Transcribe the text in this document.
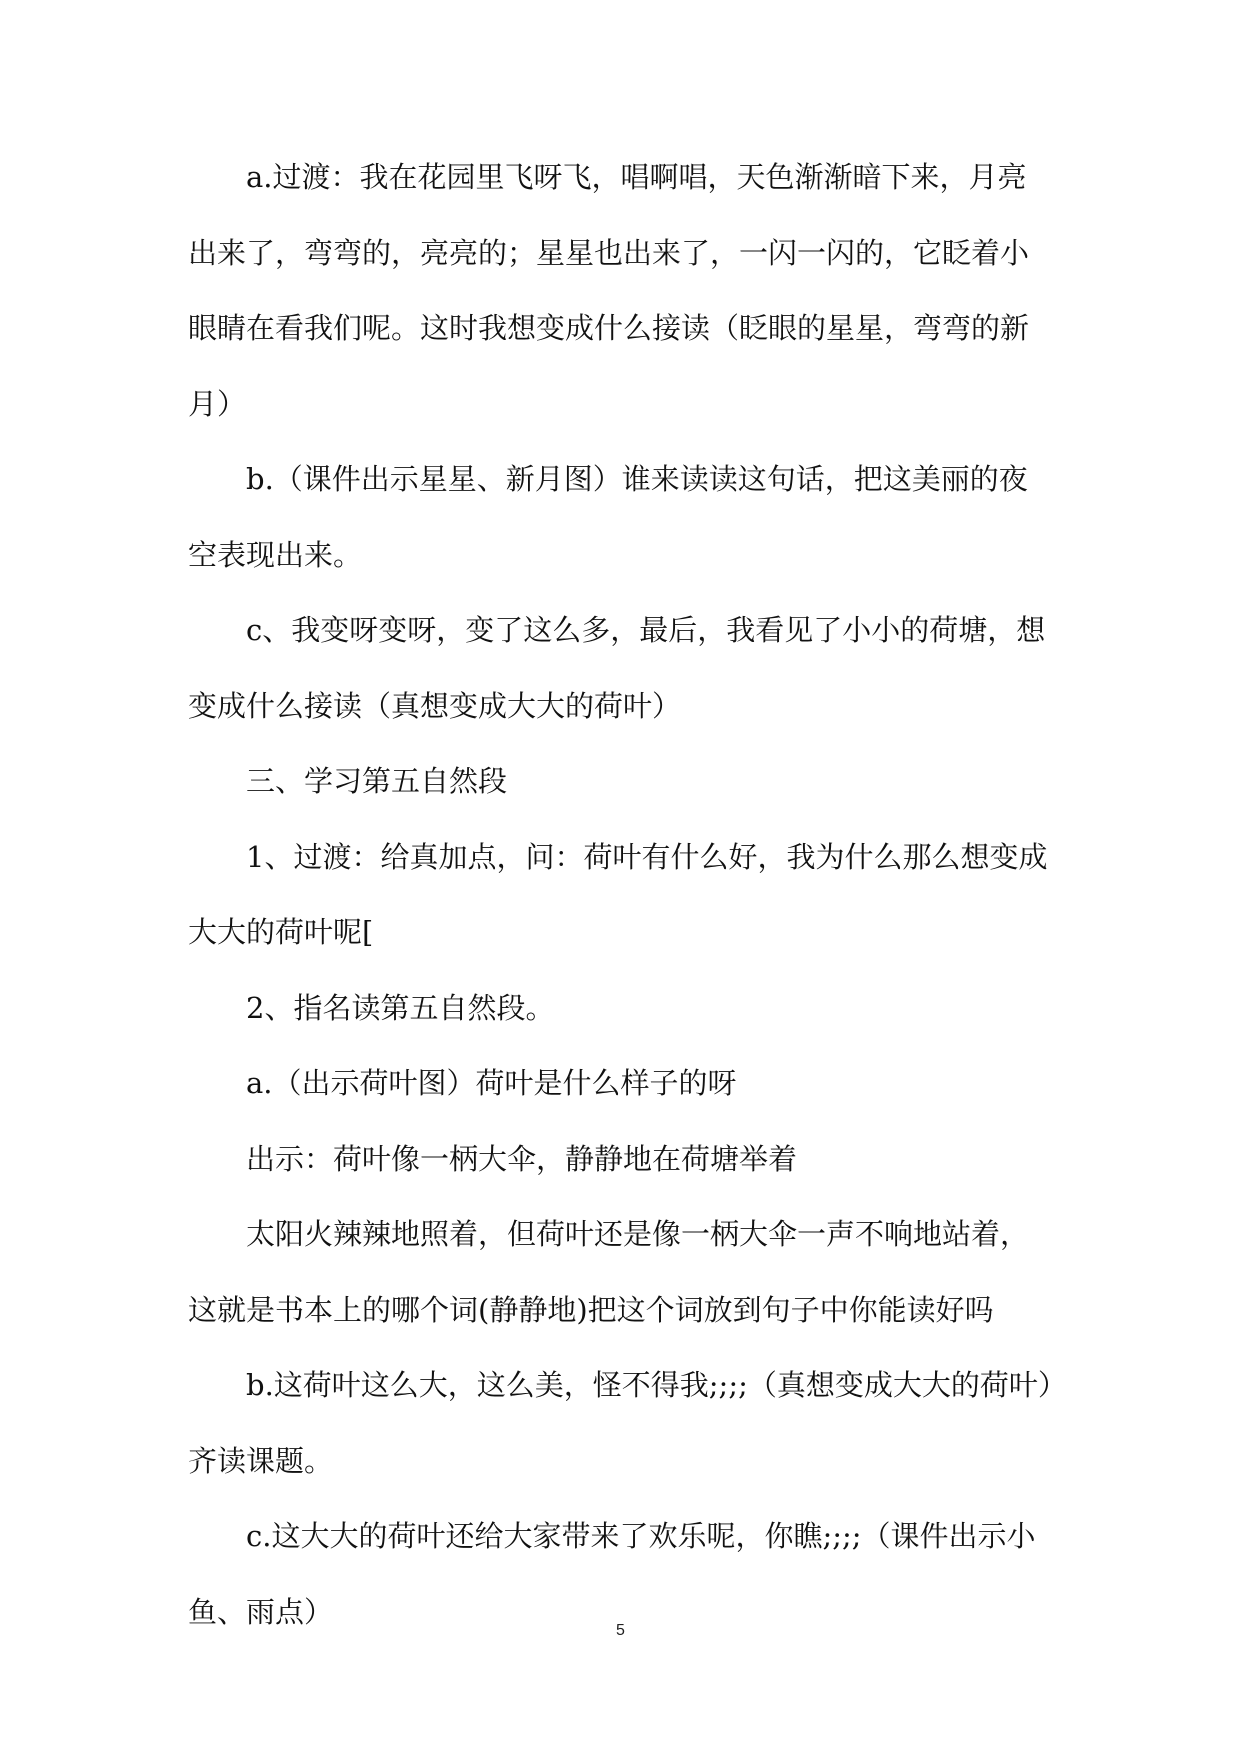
a.过渡：我在花园里飞呀飞，唱啊唱，天色渐渐暗下来，月亮出来了，弯弯的，亮亮的；星星也出来了，一闪一闪的，它眨着小眼睛在看我们呢。这时我想变成什么接读（眨眼的星星，弯弯的新月）

b.（课件出示星星、新月图）谁来读读这句话，把这美丽的夜空表现出来。

c、我变呀变呀，变了这么多，最后，我看见了小小的荷塘，想变成什么接读（真想变成大大的荷叶）

三、学习第五自然段

1、过渡：给真加点，问：荷叶有什么好，我为什么那么想变成大大的荷叶呢[

2、指名读第五自然段。

a.（出示荷叶图）荷叶是什么样子的呀

出示：荷叶像一柄大伞，静静地在荷塘举着

太阳火辣辣地照着，但荷叶还是像一柄大伞一声不响地站着，这就是书本上的哪个词(静静地)把这个词放到句子中你能读好吗

b.这荷叶这么大，这么美，怪不得我;;;;（真想变成大大的荷叶）齐读课题。

c.这大大的荷叶还给大家带来了欢乐呢，你瞧;;;;（课件出示小鱼、雨点）

5
